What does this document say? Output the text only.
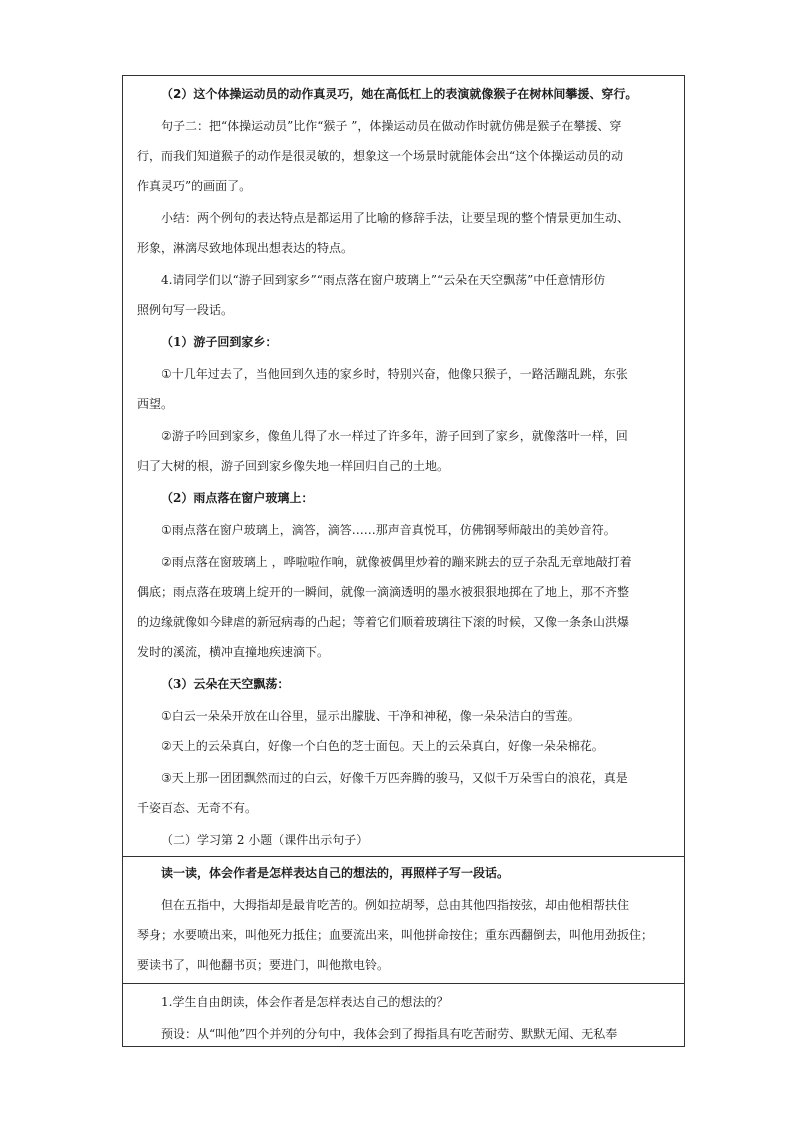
（2）这个体操运动员的动作真灵巧，她在高低杠上的表演就像猴子在树林间攀援、穿行。
句子二：把“体操运动员”比作“猴子 ”，体操运动员在做动作时就仿佛是猴子在攀援、穿
行，而我们知道猴子的动作是很灵敏的，想象这一个场景时就能体会出“这个体操运动员的动
作真灵巧”的画面了。
小结：两个例句的表达特点是都运用了比喻的修辞手法，让要呈现的整个情景更加生动、
形象，淋漓尽致地体现出想表达的特点。
4.请同学们以“游子回到家乡”“雨点落在窗户玻璃上”“云朵在天空飘荡”中任意情形仿
照例句写一段话。
（1）游子回到家乡：
①十几年过去了，当他回到久违的家乡时，特别兴奋，他像只猴子，一路活蹦乱跳，东张
西望。
②游子吟回到家乡，像鱼儿得了水一样过了许多年，游子回到了家乡，就像落叶一样，回
归了大树的根，游子回到家乡像失地一样回归自己的土地。
（2）雨点落在窗户玻璃上：
①雨点落在窗户玻璃上，滴答，滴答……那声音真悦耳，仿佛钢琴师敲出的美妙音符。
②雨点落在窗玻璃上 ，哗啦啦作响，就像被偶里炒着的蹦来跳去的豆子杂乱无章地敲打着
偶底；雨点落在玻璃上绽开的一瞬间，就像一滴滴透明的墨水被狠狠地掷在了地上，那不齐整
的边缘就像如今肆虐的新冠病毒的凸起；等着它们顺着玻璃往下滚的时候，又像一条条山洪爆
发时的溪流，横冲直撞地疾速滴下。
（3）云朵在天空飘荡：
①白云一朵朵开放在山谷里，显示出朦胧、干净和神秘，像一朵朵洁白的雪莲。
②天上的云朵真白，好像一个白色的芝士面包。天上的云朵真白，好像一朵朵棉花。
③天上那一团团飘然而过的白云，好像千万匹奔腾的骏马，又似千万朵雪白的浪花，真是
千姿百态、无奇不有。
（二）学习第 2 小题（课件出示句子）
读一读，体会作者是怎样表达自己的想法的，再照样子写一段话。
但在五指中，大拇指却是最肯吃苦的。例如拉胡琴，总由其他四指按弦，却由他相帮扶住
琴身；水要喷出来，叫他死力抵住；血要流出来，叫他拼命按住；重东西翻倒去，叫他用劲扳住；
要读书了，叫他翻书页；要进门，叫他揿电铃。
1.学生自由朗读，体会作者是怎样表达自己的想法的？
预设：从“叫他”四个并列的分句中，我体会到了拇指具有吃苦耐劳、默默无闻、无私奉
